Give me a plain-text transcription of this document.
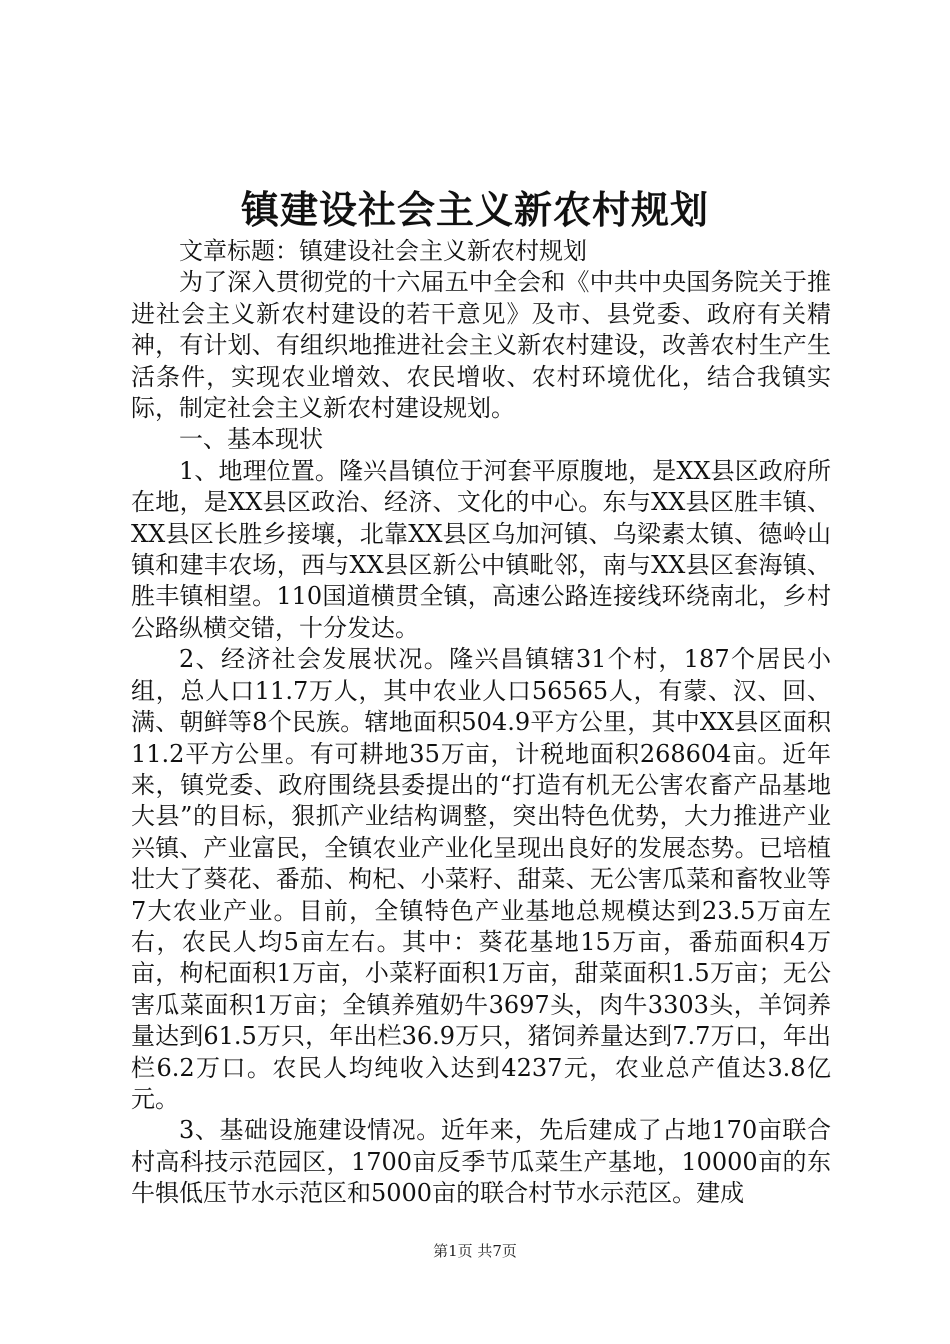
镇建设社会主义新农村规划

文章标题：镇建设社会主义新农村规划

为了深入贯彻党的十六届五中全会和《中共中央国务院关于推进社会主义新农村建设的若干意见》及市、县党委、政府有关精神，有计划、有组织地推进社会主义新农村建设，改善农村生产生活条件，实现农业增效、农民增收、农村环境优化，结合我镇实际，制定社会主义新农村建设规划。

一、基本现状

1、地理位置。隆兴昌镇位于河套平原腹地，是XX县区政府所在地，是XX县区政治、经济、文化的中心。东与XX县区胜丰镇、XX县区长胜乡接壤，北靠XX县区乌加河镇、乌梁素太镇、德岭山镇和建丰农场，西与XX县区新公中镇毗邻，南与XX县区套海镇、胜丰镇相望。110国道横贯全镇，高速公路连接线环绕南北，乡村公路纵横交错，十分发达。

2、经济社会发展状况。隆兴昌镇辖31个村，187个居民小组，总人口11.7万人，其中农业人口56565人，有蒙、汉、回、满、朝鲜等8个民族。辖地面积504.9平方公里，其中XX县区面积11.2平方公里。有可耕地35万亩，计税地面积268604亩。近年来，镇党委、政府围绕县委提出的“打造有机无公害农畜产品基地大县”的目标，狠抓产业结构调整，突出特色优势，大力推进产业兴镇、产业富民，全镇农业产业化呈现出良好的发展态势。已培植壮大了葵花、番茄、枸杞、小菜籽、甜菜、无公害瓜菜和畜牧业等7大农业产业。目前，全镇特色产业基地总规模达到23.5万亩左右，农民人均5亩左右。其中：葵花基地15万亩，番茄面积4万亩，枸杞面积1万亩，小菜籽面积1万亩，甜菜面积1.5万亩；无公害瓜菜面积1万亩；全镇养殖奶牛3697头，肉牛3303头，羊饲养量达到61.5万只，年出栏36.9万只，猪饲养量达到7.7万口，年出栏6.2万口。农民人均纯收入达到4237元，农业总产值达3.8亿元。

3、基础设施建设情况。近年来，先后建成了占地170亩联合村高科技示范园区，1700亩反季节瓜菜生产基地，10000亩的东牛犋低压节水示范区和5000亩的联合村节水示范区。建成

第1页 共7页
